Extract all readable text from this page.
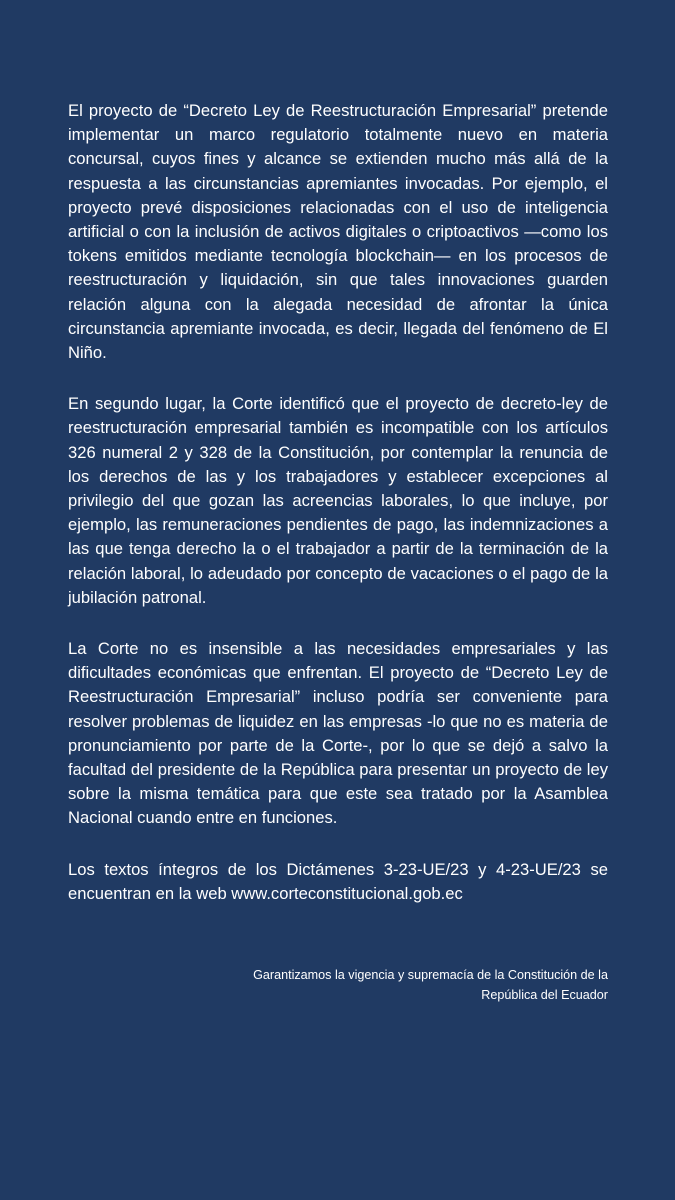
El proyecto de “Decreto Ley de Reestructuración Empresarial” pretende implementar un marco regulatorio totalmente nuevo en materia concursal, cuyos fines y alcance se extienden mucho más allá de la respuesta a las circunstancias apremiantes invocadas. Por ejemplo, el proyecto prevé disposiciones relacionadas con el uso de inteligencia artificial o con la inclusión de activos digitales o criptoactivos —como los tokens emitidos mediante tecnología blockchain— en los procesos de reestructuración y liquidación, sin que tales innovaciones guarden relación alguna con la alegada necesidad de afrontar la única circunstancia apremiante invocada, es decir, llegada del fenómeno de El Niño.

En segundo lugar, la Corte identificó que el proyecto de decreto-ley de reestructuración empresarial también es incompatible con los artículos 326 numeral 2 y 328 de la Constitución, por contemplar la renuncia de los derechos de las y los trabajadores y establecer excepciones al privilegio del que gozan las acreencias laborales, lo que incluye, por ejemplo, las remuneraciones pendientes de pago, las indemnizaciones a las que tenga derecho la o el trabajador a partir de la terminación de la relación laboral, lo adeudado por concepto de vacaciones o el pago de la jubilación patronal.

La Corte no es insensible a las necesidades empresariales y las dificultades económicas que enfrentan. El proyecto de “Decreto Ley de Reestructuración Empresarial” incluso podría ser conveniente para resolver problemas de liquidez en las empresas -lo que no es materia de pronunciamiento por parte de la Corte-, por lo que se dejó a salvo la facultad del presidente de la República para presentar un proyecto de ley sobre la misma temática para que este sea tratado por la Asamblea Nacional cuando entre en funciones.

Los textos íntegros de los Dictámenes 3-23-UE/23 y 4-23-UE/23 se encuentran en la web www.corteconstitucional.gob.ec

Garantizamos la vigencia y supremacía de la Constitución de la
República del Ecuador
